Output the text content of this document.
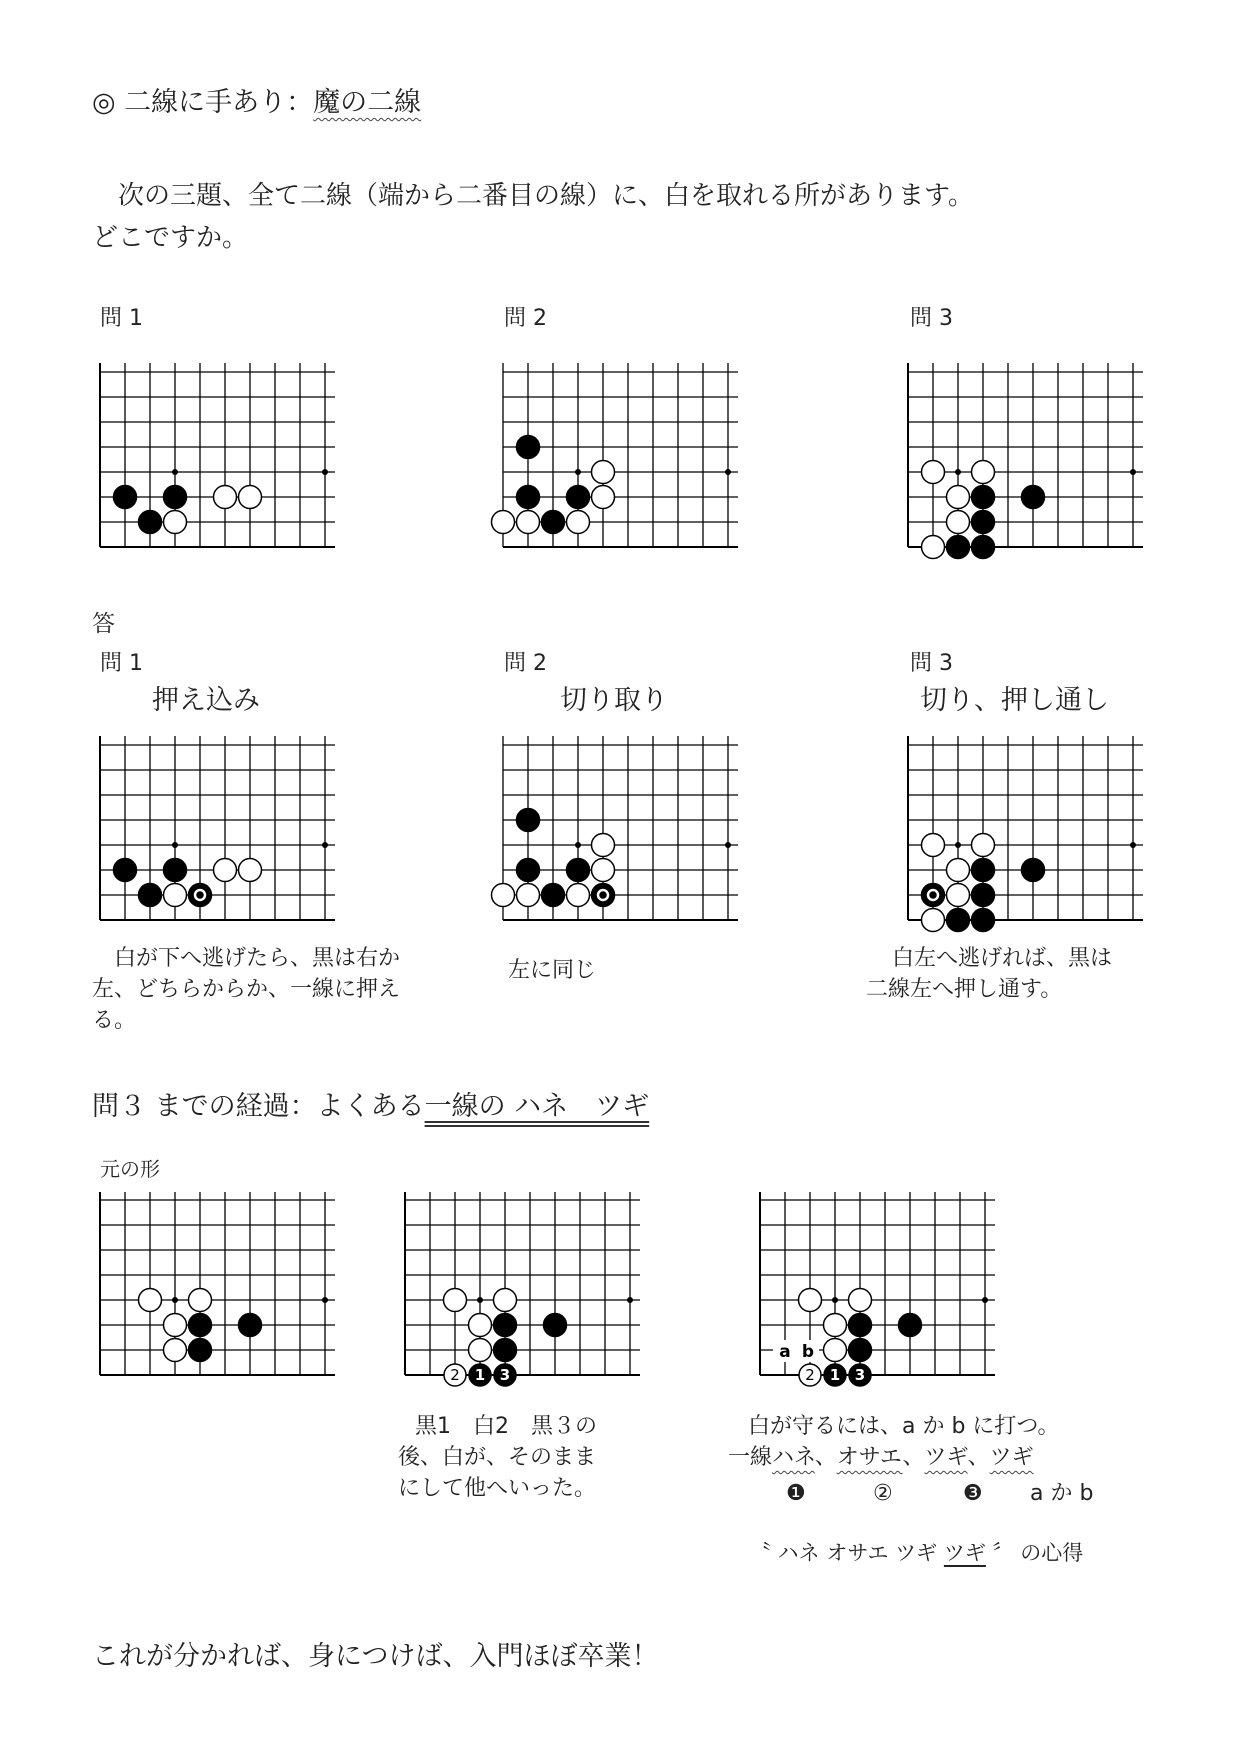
◎ 二線に手あり：魔の二線
　次の三題、全て二線（端から二番目の線）に、白を取れる所があります。
どこですか。
問 1	問 2	問 3
答
問 1	問 2	問 3
押え込み	切り取り	切り、押し通し
　白が下へ逃げたら、黒は右か左、どちらからか、一線に押える。
左に同じ	白左へ逃げれば、黒は
二線左へ押し通す。
問３ までの経過：よくある一線の ハネ　ツギ
元の形
2 1 3	2 1 3
a b
黒1　白2　黒３の
後、白が、そのまま
にして他へいった。
白が守るには、a か b に打つ。
一線ハネ、オサエ、ツギ、ツギ
❶	②	❸ a か b
〝 ハネ オサエ ツギ ツギ 〞 の心得
これが分かれば、身につけば、入門ほぼ卒業！
